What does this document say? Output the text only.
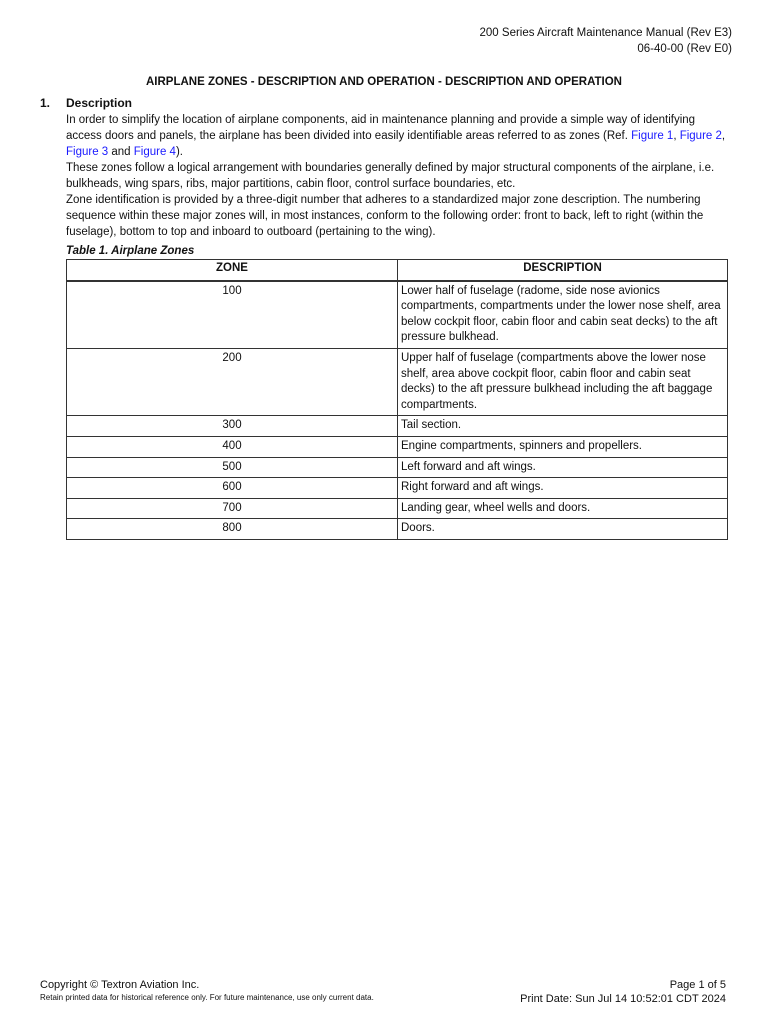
200 Series Aircraft Maintenance Manual (Rev E3)
06-40-00 (Rev E0)
AIRPLANE ZONES - DESCRIPTION AND OPERATION - DESCRIPTION AND OPERATION
1. Description

In order to simplify the location of airplane components, aid in maintenance planning and provide a simple way of identifying access doors and panels, the airplane has been divided into easily identifiable areas referred to as zones (Ref. Figure 1, Figure 2, Figure 3 and Figure 4).

These zones follow a logical arrangement with boundaries generally defined by major structural components of the airplane, i.e. bulkheads, wing spars, ribs, major partitions, cabin floor, control surface boundaries, etc.

Zone identification is provided by a three-digit number that adheres to a standardized major zone description. The numbering sequence within these major zones will, in most instances, conform to the following order: front to back, left to right (within the fuselage), bottom to top and inboard to outboard (pertaining to the wing).

Table 1. Airplane Zones
ZONE	DESCRIPTION
100	Lower half of fuselage (radome, side nose avionics compartments, compartments under the lower nose shelf, area below cockpit floor, cabin floor and cabin seat decks) to the aft pressure bulkhead.
200	Upper half of fuselage (compartments above the lower nose shelf, area above cockpit floor, cabin floor and cabin seat decks) to the aft pressure bulkhead including the aft baggage compartments.
300	Tail section.
400	Engine compartments, spinners and propellers.
500	Left forward and aft wings.
600	Right forward and aft wings.
700	Landing gear, wheel wells and doors.
800	Doors.
Copyright © Textron Aviation Inc.
Retain printed data for historical reference only. For future maintenance, use only current data.
Page 1 of 5
Print Date: Sun Jul 14 10:52:01 CDT 2024
